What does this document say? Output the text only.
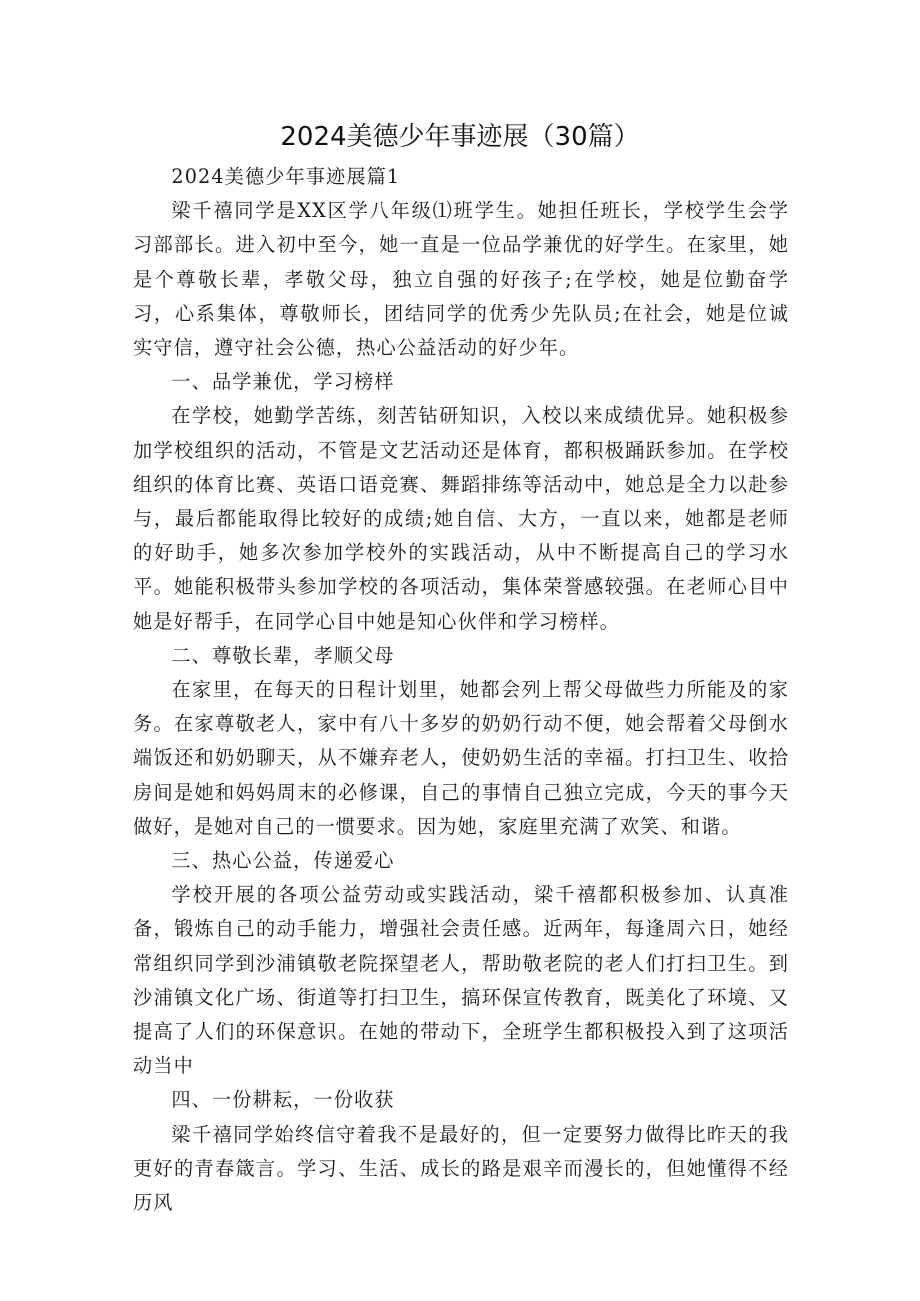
2024美德少年事迹展（30篇）

2024美德少年事迹展篇1

梁千禧同学是XX区学八年级⑴班学生。她担任班长，学校学生会学习部部长。进入初中至今，她一直是一位品学兼优的好学生。在家里，她是个尊敬长辈，孝敬父母，独立自强的好孩子;在学校，她是位勤奋学习，心系集体，尊敬师长，团结同学的优秀少先队员;在社会，她是位诚实守信，遵守社会公德，热心公益活动的好少年。

一、品学兼优，学习榜样

在学校，她勤学苦练，刻苦钻研知识，入校以来成绩优异。她积极参加学校组织的活动，不管是文艺活动还是体育，都积极踊跃参加。在学校组织的体育比赛、英语口语竞赛、舞蹈排练等活动中，她总是全力以赴参与，最后都能取得比较好的成绩;她自信、大方，一直以来，她都是老师的好助手，她多次参加学校外的实践活动，从中不断提高自己的学习水平。她能积极带头参加学校的各项活动，集体荣誉感较强。在老师心目中她是好帮手，在同学心目中她是知心伙伴和学习榜样。

二、尊敬长辈，孝顺父母

在家里，在每天的日程计划里，她都会列上帮父母做些力所能及的家务。在家尊敬老人，家中有八十多岁的奶奶行动不便，她会帮着父母倒水端饭还和奶奶聊天，从不嫌弃老人，使奶奶生活的幸福。打扫卫生、收拾房间是她和妈妈周末的必修课，自己的事情自己独立完成，今天的事今天做好，是她对自己的一惯要求。因为她，家庭里充满了欢笑、和谐。

三、热心公益，传递爱心

学校开展的各项公益劳动或实践活动，梁千禧都积极参加、认真准备，锻炼自己的动手能力，增强社会责任感。近两年，每逢周六日，她经常组织同学到沙浦镇敬老院探望老人，帮助敬老院的老人们打扫卫生。到沙浦镇文化广场、街道等打扫卫生，搞环保宣传教育，既美化了环境、又提高了人们的环保意识。在她的带动下，全班学生都积极投入到了这项活动当中

四、一份耕耘，一份收获

梁千禧同学始终信守着我不是最好的，但一定要努力做得比昨天的我更好的青春箴言。学习、生活、成长的路是艰辛而漫长的，但她懂得不经历风
